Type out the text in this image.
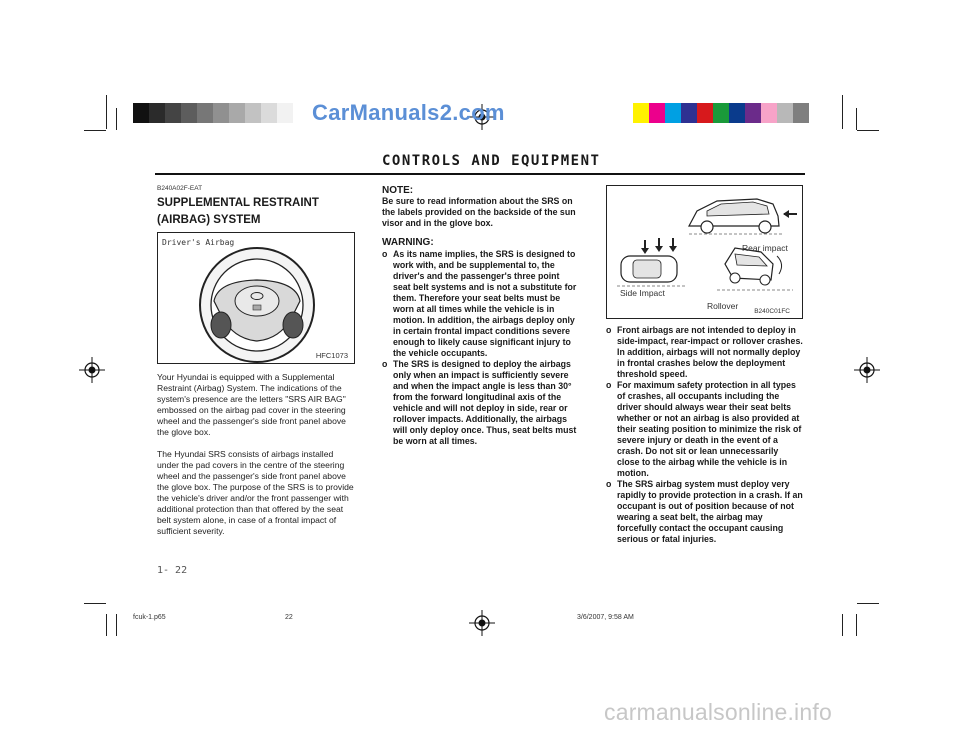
CarManuals2.com
CONTROLS AND EQUIPMENT
B240A02F-EAT
SUPPLEMENTAL RESTRAINT (AIRBAG) SYSTEM
Driver's Airbag
HFC1073

Your Hyundai is equipped with a Supplemental Restraint (Airbag) System. The indications of the system's presence are the letters "SRS AIR BAG" embossed on the airbag pad cover in the steering wheel and the passenger's side front panel above the glove box.

The Hyundai SRS consists of airbags installed under the pad covers in the centre of the steering wheel and the passenger's side front panel above the glove box. The purpose of the SRS is to provide the vehicle's driver and/or the front passenger with additional protection than that offered by the seat belt system alone, in case of a frontal impact of sufficient severity.

NOTE:

Be sure to read information about the SRS on the labels provided on the backside of the sun visor and in the glove box.

WARNING:
o As its name implies, the SRS is designed to work with, and be supplemental to, the driver's and the passenger's three point seat belt systems and is not a substitute for them. Therefore your seat belts must be worn at all times while the vehicle is in motion. In addition, the airbags deploy only in certain frontal impact conditions severe enough to likely cause significant injury to the vehicle occupants.
o The SRS is designed to deploy the airbags only when an impact is sufficiently severe and when the impact angle is less than 30° from the forward longitudinal axis of the vehicle and will not deploy in side, rear or rollover impacts. Additionally, the airbags will only deploy once. Thus, seat belts must be worn at all times.
Rear impact
Side Impact
Rollover
B240C01FC
o Front airbags are not intended to deploy in side-impact, rear-impact or rollover crashes. In addition, airbags will not normally deploy in frontal crashes below the deployment threshold speed.
o For maximum safety protection in all types of crashes, all occupants including the driver should always wear their seat belts whether or not an airbag is also provided at their seating position to minimize the risk of severe injury or death in the event of a crash. Do not sit or lean unnecessarily close to the airbag while the vehicle is in motion.
o The SRS airbag system must deploy very rapidly to provide protection in a crash. If an occupant is out of position because of not wearing a seat belt, the airbag may forcefully contact the occupant causing serious or fatal injuries.
1- 22
fcuk-1.p65	22	3/6/2007, 9:58 AM
carmanualsonline.info
